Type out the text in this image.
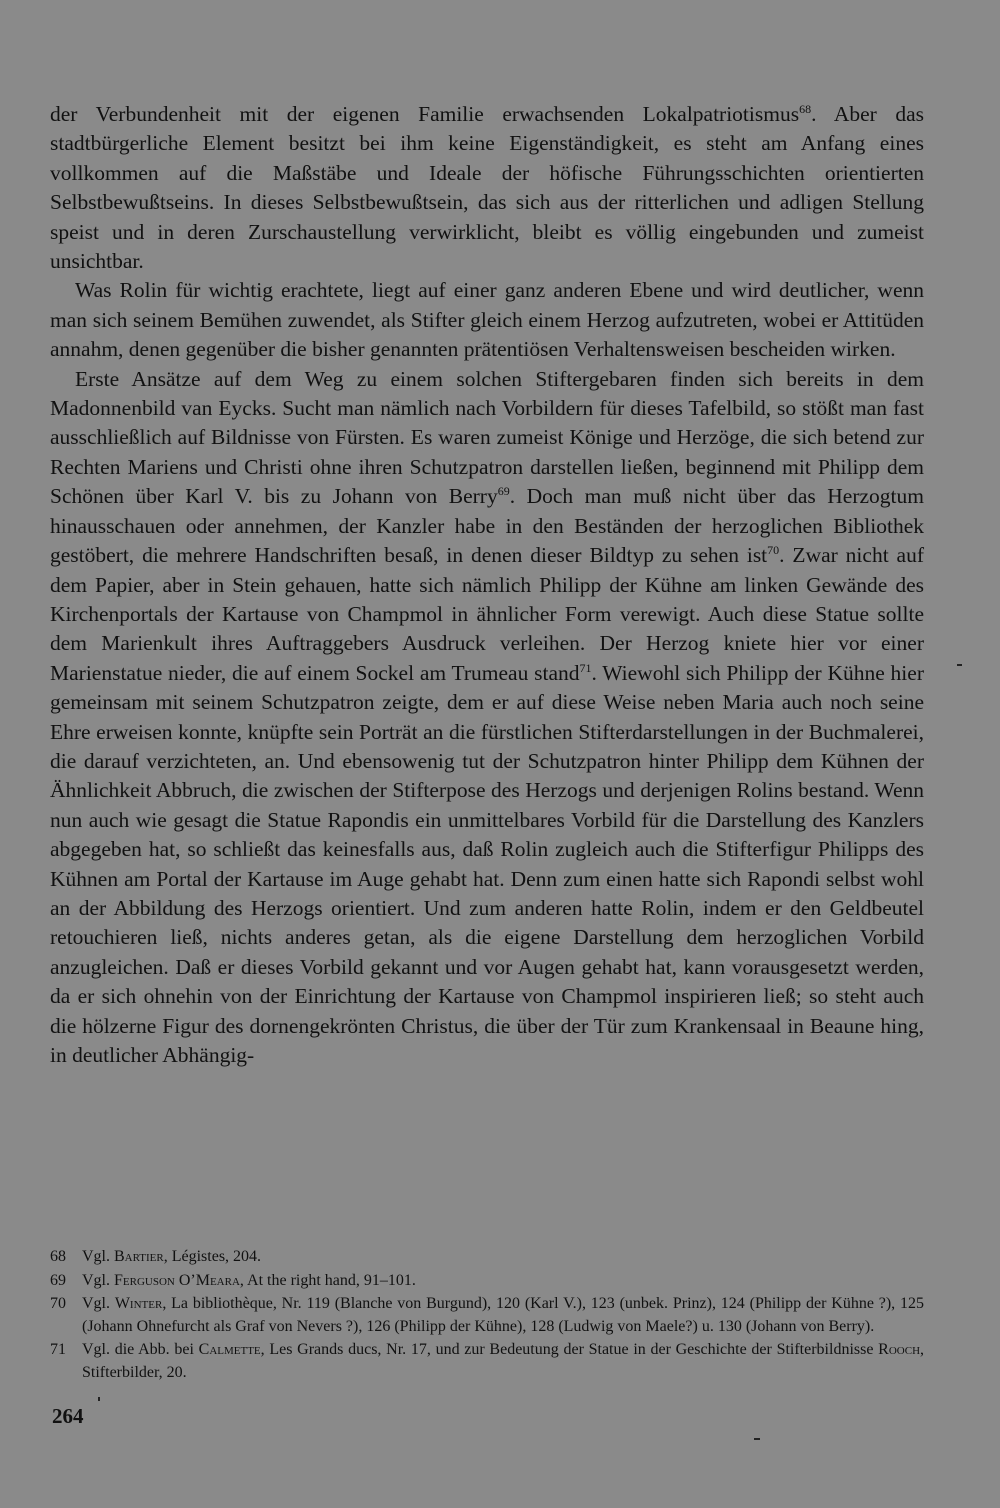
der Verbundenheit mit der eigenen Familie erwachsenden Lokalpatriotismus$^{68}$. Aber das stadtbürgerliche Element besitzt bei ihm keine Eigenständigkeit, es steht am Anfang eines vollkommen auf die Maßstäbe und Ideale der höfische Führungsschichten orientierten Selbstbewußtseins. In dieses Selbstbewußtsein, das sich aus der ritterlichen und adligen Stellung speist und in deren Zurschaustellung verwirklicht, bleibt es völlig eingebunden und zumeist unsichtbar.

Was Rolin für wichtig erachtete, liegt auf einer ganz anderen Ebene und wird deutlicher, wenn man sich seinem Bemühen zuwendet, als Stifter gleich einem Herzog aufzutreten, wobei er Attitüden annahm, denen gegenüber die bisher genannten prätentiösen Verhaltensweisen bescheiden wirken.

Erste Ansätze auf dem Weg zu einem solchen Stiftergebaren finden sich bereits in dem Madonnenbild van Eycks. Sucht man nämlich nach Vorbildern für dieses Tafelbild, so stößt man fast ausschließlich auf Bildnisse von Fürsten. Es waren zumeist Könige und Herzöge, die sich betend zur Rechten Mariens und Christi ohne ihren Schutzpatron darstellen ließen, beginnend mit Philipp dem Schönen über Karl V. bis zu Johann von Berry$^{69}$. Doch man muß nicht über das Herzogtum hinausschauen oder annehmen, der Kanzler habe in den Beständen der herzoglichen Bibliothek gestöbert, die mehrere Handschriften besaß, in denen dieser Bildtyp zu sehen ist$^{70}$. Zwar nicht auf dem Papier, aber in Stein gehauen, hatte sich nämlich Philipp der Kühne am linken Gewände des Kirchenportals der Kartause von Champmol in ähnlicher Form verewigt. Auch diese Statue sollte dem Marienkult ihres Auftraggebers Ausdruck verleihen. Der Herzog kniete hier vor einer Marienstatue nieder, die auf einem Sockel am Trumeau stand$^{71}$. Wiewohl sich Philipp der Kühne hier gemeinsam mit seinem Schutzpatron zeigte, dem er auf diese Weise neben Maria auch noch seine Ehre erweisen konnte, knüpfte sein Porträt an die fürstlichen Stifterdarstellungen in der Buchmalerei, die darauf verzichteten, an. Und ebensowenig tut der Schutzpatron hinter Philipp dem Kühnen der Ähnlichkeit Abbruch, die zwischen der Stifterpose des Herzogs und derjenigen Rolins bestand. Wenn nun auch wie gesagt die Statue Rapondis ein unmittelbares Vorbild für die Darstellung des Kanzlers abgegeben hat, so schließt das keinesfalls aus, daß Rolin zugleich auch die Stifterfigur Philipps des Kühnen am Portal der Kartause im Auge gehabt hat. Denn zum einen hatte sich Rapondi selbst wohl an der Abbildung des Herzogs orientiert. Und zum anderen hatte Rolin, indem er den Geldbeutel retouchieren ließ, nichts anderes getan, als die eigene Darstellung dem herzoglichen Vorbild anzugleichen. Daß er dieses Vorbild gekannt und vor Augen gehabt hat, kann vorausgesetzt werden, da er sich ohnehin von der Einrichtung der Kartause von Champmol inspirieren ließ; so steht auch die hölzerne Figur des dornengekrönten Christus, die über der Tür zum Krankensaal in Beaune hing, in deutlicher Abhängig-

68 Vgl. Bartier, Légistes, 204.
69 Vgl. Ferguson O’Meara, At the right hand, 91–101.
70 Vgl. Winter, La bibliothèque, Nr. 119 (Blanche von Burgund), 120 (Karl V.), 123 (unbek. Prinz), 124 (Philipp der Kühne ?), 125 (Johann Ohnefurcht als Graf von Nevers ?), 126 (Philipp der Kühne), 128 (Ludwig von Maele?) u. 130 (Johann von Berry).
71 Vgl. die Abb. bei Calmette, Les Grands ducs, Nr. 17, und zur Bedeutung der Statue in der Geschichte der Stifterbildnisse Rooch, Stifterbilder, 20.
264
